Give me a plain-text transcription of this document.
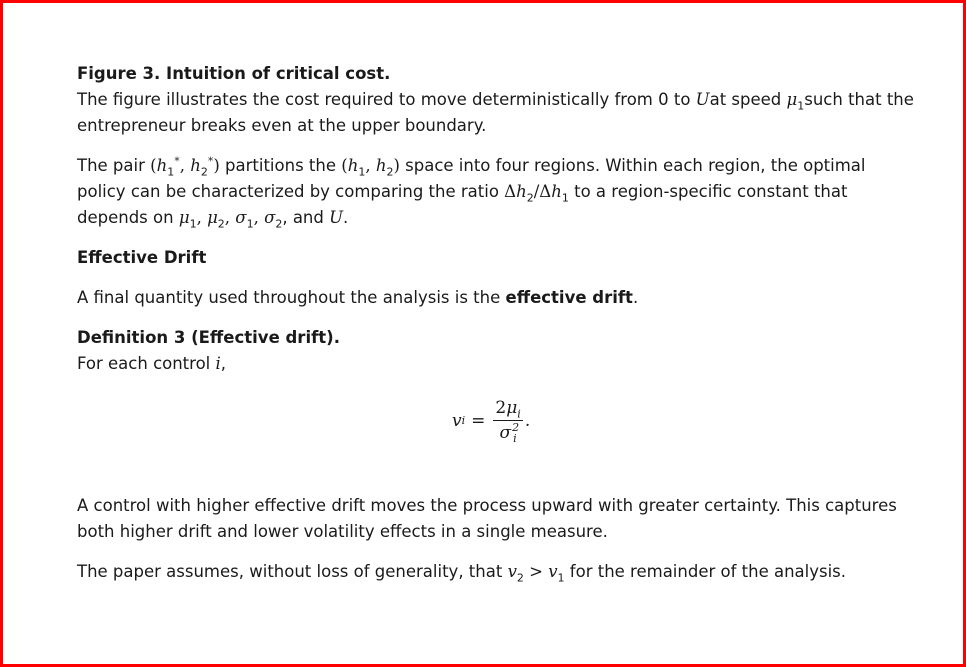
Figure 3. Intuition of critical cost.

The figure illustrates the cost required to move deterministically from 0 to Uat speed $\mu_1such$ that the entrepreneur breaks even at the upper boundary.

The pair ($h_1^*$, $h_2^*$) partitions the ($h_1$, $h_2$) space into four regions. Within each region, the optimal policy can be characterized by comparing the ratio $\Delta h_2/\Delta h_1$ to a region-specific constant that depends on $\mu_1$, $\mu_2$, $\sigma_1$, $\sigma_2$, and U.

Effective Drift

A final quantity used throughout the analysis is the effective drift.

Definition 3 (Effective drift).

For each control i,

v $i = \frac{2\mu_i}{\sigma^2_i}$ .

A control with higher effective drift moves the process upward with greater certainty. This captures both higher drift and lower volatility effects in a single measure.

The paper assumes, without loss of generality, that $v_2 > v_1$ for the remainder of the analysis.
